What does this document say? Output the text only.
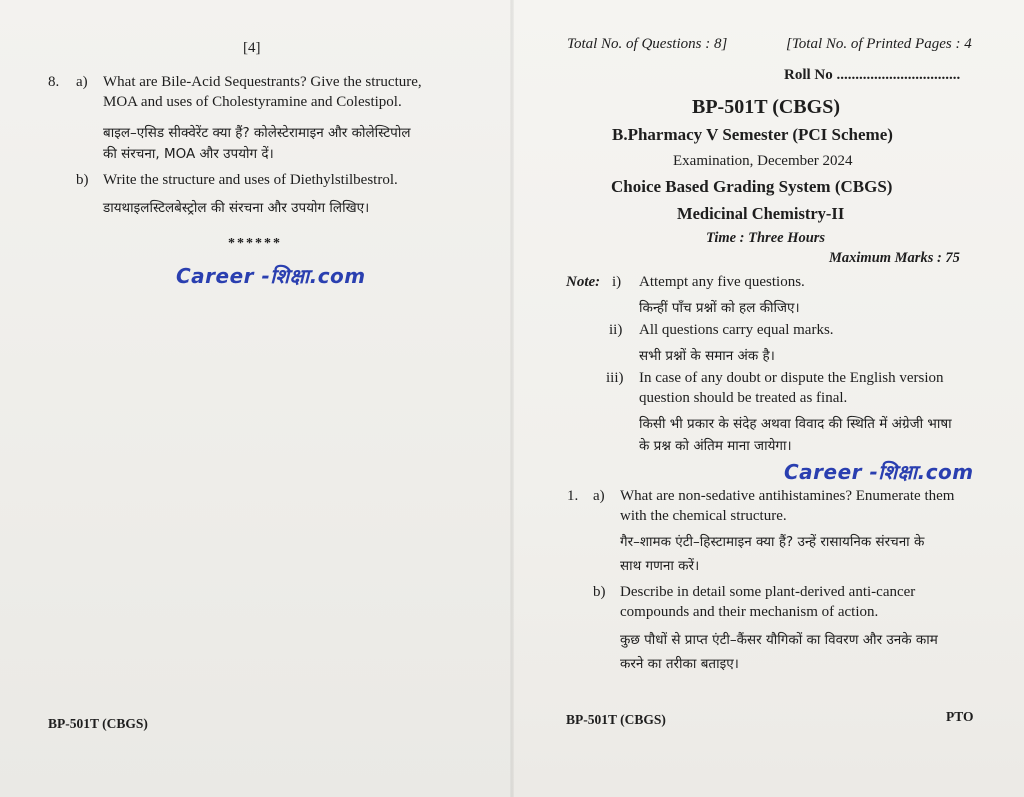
[4]
8. a) What are Bile-Acid Sequestrants? Give the structure,
MOA and uses of Cholestyramine and Colestipol.
बाइल–एसिड सीक्वेरेंट क्या हैं? कोलेस्टेरामाइन और कोलेस्टिपोल
की संरचना, MOA और उपयोग दें।
b) Write the structure and uses of Diethylstilbestrol.
डायथाइलस्टिलबेस्ट्रोल की संरचना और उपयोग लिखिए।
******
Career -शिक्षा.com
BP-501T (CBGS)
Total No. of Questions : 8]	[Total No. of Printed Pages : 4
Roll No .................................
BP-501T (CBGS)
B.Pharmacy V Semester (PCI Scheme)
Examination, December 2024
Choice Based Grading System (CBGS)
Medicinal Chemistry-II
Time : Three Hours
Maximum Marks : 75
Note: i) Attempt any five questions.
किन्हीं पाँच प्रश्नों को हल कीजिए।
ii) All questions carry equal marks.
सभी प्रश्नों के समान अंक है।
iii) In case of any doubt or dispute the English version
question should be treated as final.
किसी भी प्रकार के संदेह अथवा विवाद की स्थिति में अंग्रेजी भाषा
के प्रश्न को अंतिम माना जायेगा।
Career -शिक्षा.com
1. a) What are non-sedative antihistamines? Enumerate them
with the chemical structure.
गैर–शामक एंटी–हिस्टामाइन क्या हैं? उन्हें रासायनिक संरचना के
साथ गणना करें।
b) Describe in detail some plant-derived anti-cancer
compounds and their mechanism of action.
कुछ पौधों से प्राप्त एंटी–कैंसर यौगिकों का विवरण और उनके काम
करने का तरीका बताइए।
BP-501T (CBGS)	PTO
